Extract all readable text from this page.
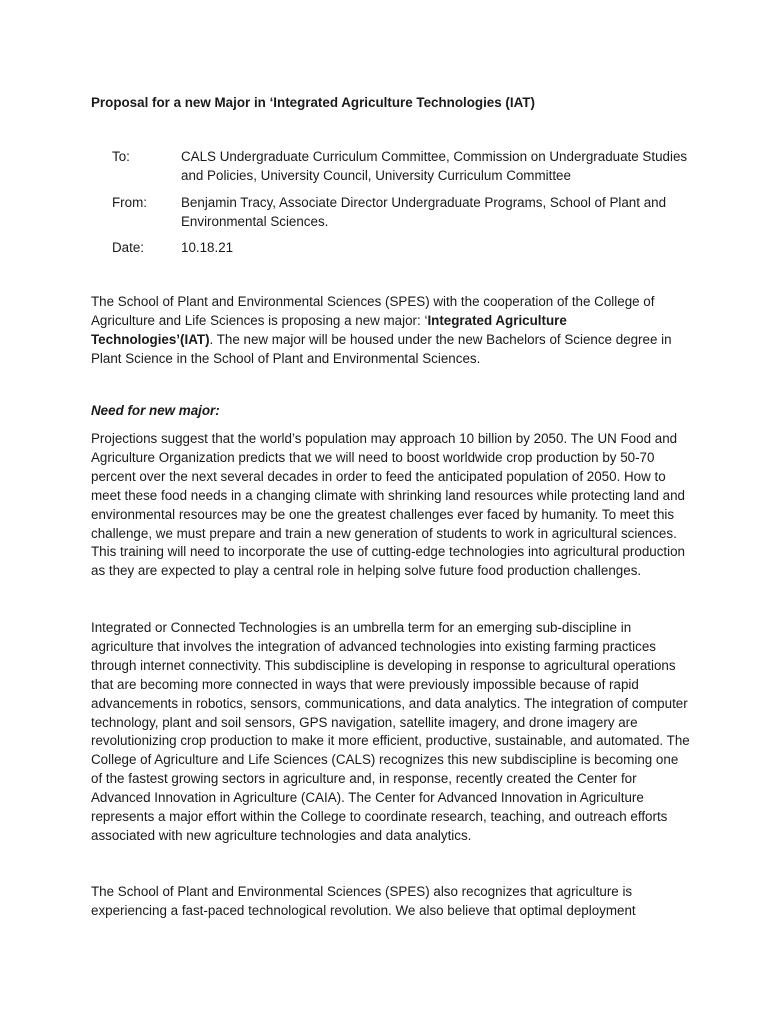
Proposal for a new Major in ‘Integrated Agriculture Technologies (IAT)
To:	CALS Undergraduate Curriculum Committee, Commission on Undergraduate Studies and Policies, University Council, University Curriculum Committee
From:	Benjamin Tracy, Associate Director Undergraduate Programs, School of Plant and Environmental Sciences.
Date:	10.18.21
The School of Plant and Environmental Sciences (SPES) with the cooperation of the College of Agriculture and Life Sciences is proposing a new major: ‘Integrated Agriculture Technologies’(IAT). The new major will be housed under the new Bachelors of Science degree in Plant Science in the School of Plant and Environmental Sciences.
Need for new major:
Projections suggest that the world’s population may approach 10 billion by 2050. The UN Food and Agriculture Organization predicts that we will need to boost worldwide crop production by 50-70 percent over the next several decades in order to feed the anticipated population of 2050. How to meet these food needs in a changing climate with shrinking land resources while protecting land and environmental resources may be one the greatest challenges ever faced by humanity. To meet this challenge, we must prepare and train a new generation of students to work in agricultural sciences. This training will need to incorporate the use of cutting-edge technologies into agricultural production as they are expected to play a central role in helping solve future food production challenges.
Integrated or Connected Technologies is an umbrella term for an emerging sub-discipline in agriculture that involves the integration of advanced technologies into existing farming practices through internet connectivity. This subdiscipline is developing in response to agricultural operations that are becoming more connected in ways that were previously impossible because of rapid advancements in robotics, sensors, communications, and data analytics. The integration of computer technology, plant and soil sensors, GPS navigation, satellite imagery, and drone imagery are revolutionizing crop production to make it more efficient, productive, sustainable, and automated. The College of Agriculture and Life Sciences (CALS) recognizes this new subdiscipline is becoming one of the fastest growing sectors in agriculture and, in response, recently created the Center for Advanced Innovation in Agriculture (CAIA). The Center for Advanced Innovation in Agriculture represents a major effort within the College to coordinate research, teaching, and outreach efforts associated with new agriculture technologies and data analytics.
The School of Plant and Environmental Sciences (SPES) also recognizes that agriculture is experiencing a fast-paced technological revolution. We also believe that optimal deployment
